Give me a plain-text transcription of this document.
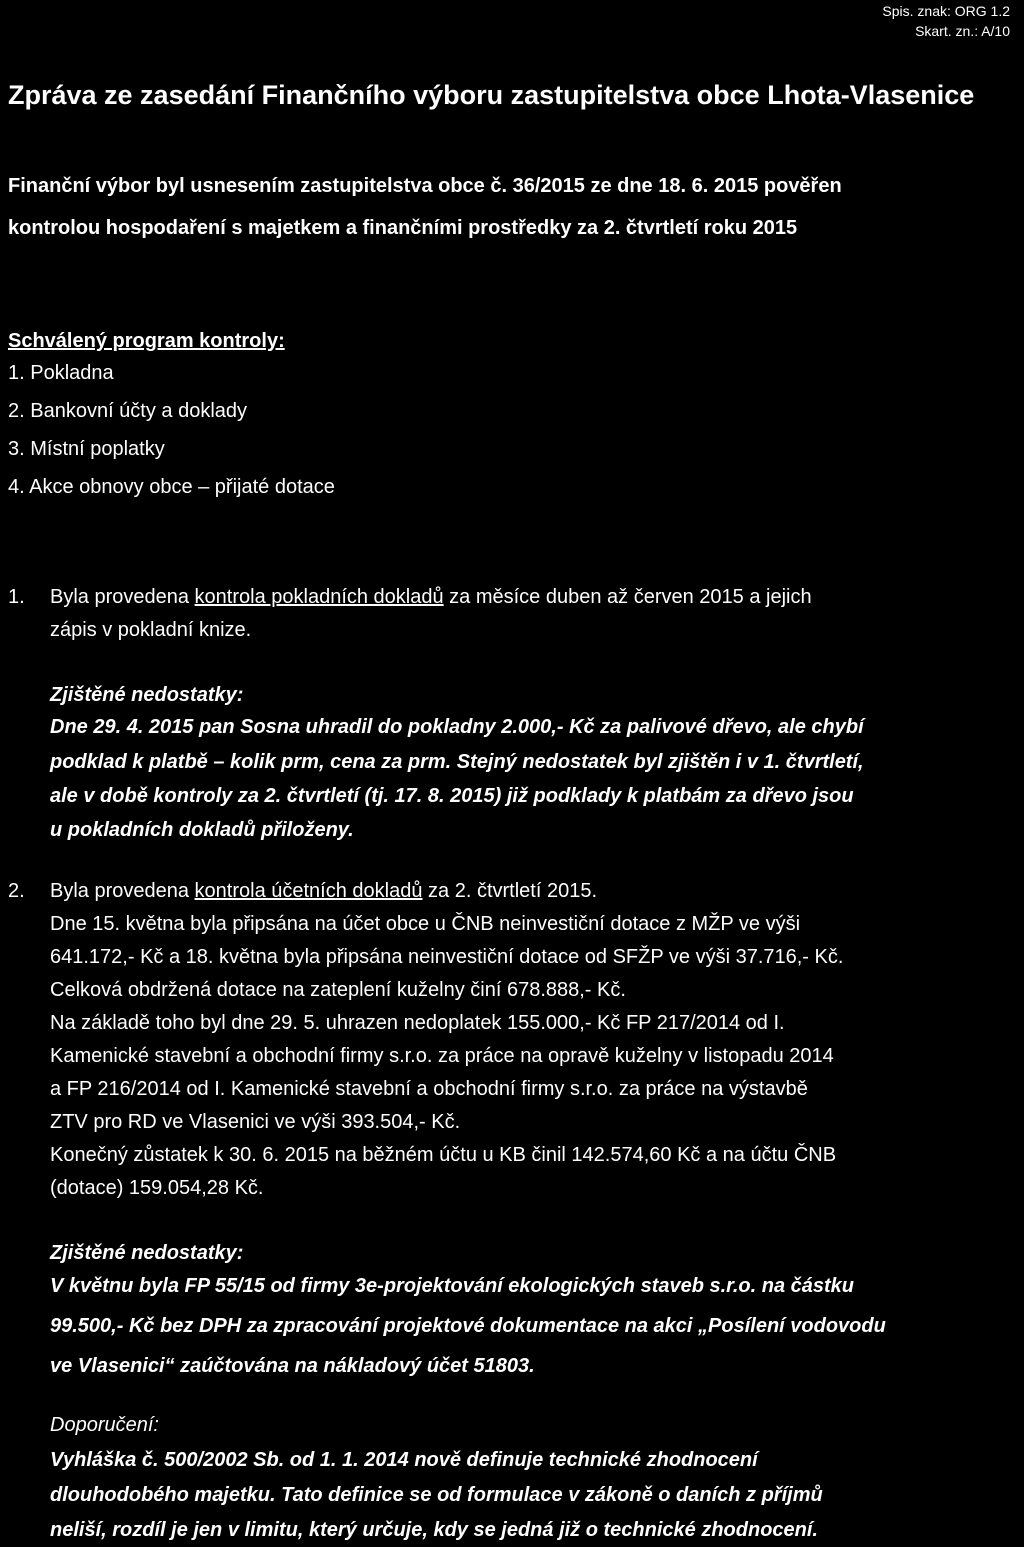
Spis. znak: ORG 1.2
Skart. zn.: A/10
Zpráva ze zasedání Finančního výboru zastupitelstva obce Lhota-Vlasenice
Finanční výbor byl usnesením zastupitelstva obce č. 36/2015 ze dne 18. 6. 2015 pověřen
kontrolou hospodaření s majetkem a finančními prostředky za 2. čtvrtletí roku 2015
Schválený program kontroly:
1. Pokladna
2. Bankovní účty a doklady
3. Místní poplatky
4. Akce obnovy obce – přijaté dotace
1. Byla provedena kontrola pokladních dokladů za měsíce duben až červen 2015 a jejich
zápis v pokladní knize.
Zjištěné nedostatky:
Dne 29. 4. 2015 pan Sosna uhradil do pokladny 2.000,- Kč za palivové dřevo, ale chybí
podklad k platbě – kolik prm, cena za prm. Stejný nedostatek byl zjištěn i v 1. čtvrtletí,
ale v době kontroly za 2. čtvrtletí (tj. 17. 8. 2015) již podklady k platbám za dřevo jsou
u pokladních dokladů přiloženy.
2. Byla provedena kontrola účetních dokladů za 2. čtvrtletí 2015.
Dne 15. května byla připsána na účet obce u ČNB neinvestiční dotace z MŽP ve výši
641.172,- Kč a 18. května byla připsána neinvestiční dotace od SFŽP ve výši 37.716,- Kč.
Celková obdržená dotace na zateplení kuželny činí 678.888,- Kč.
Na základě toho byl dne 29. 5. uhrazen nedoplatek 155.000,- Kč FP 217/2014 od I.
Kamenické stavební a obchodní firmy s.r.o. za práce na opravě kuželny v listopadu 2014
a FP 216/2014 od I. Kamenické stavební a obchodní firmy s.r.o. za práce na výstavbě
ZTV pro RD ve Vlasenici ve výši 393.504,- Kč.
Konečný zůstatek k 30. 6. 2015 na běžném účtu u KB činil 142.574,60 Kč a na účtu ČNB
(dotace) 159.054,28 Kč.
Zjištěné nedostatky:
V květnu byla FP 55/15 od firmy 3e-projektování ekologických staveb s.r.o. na částku
99.500,- Kč bez DPH za zpracování projektové dokumentace na akci „Posílení vodovodu
ve Vlasenici“ zaúčtována na nákladový účet 51803.
Doporučení:
Vyhláška č. 500/2002 Sb. od 1. 1. 2014 nově definuje technické zhodnocení
dlouhodobého majetku. Tato definice se od formulace v zákoně o daních z příjmů
neliší, rozdíl je jen v limitu, který určuje, kdy se jedná již o technické zhodnocení.
